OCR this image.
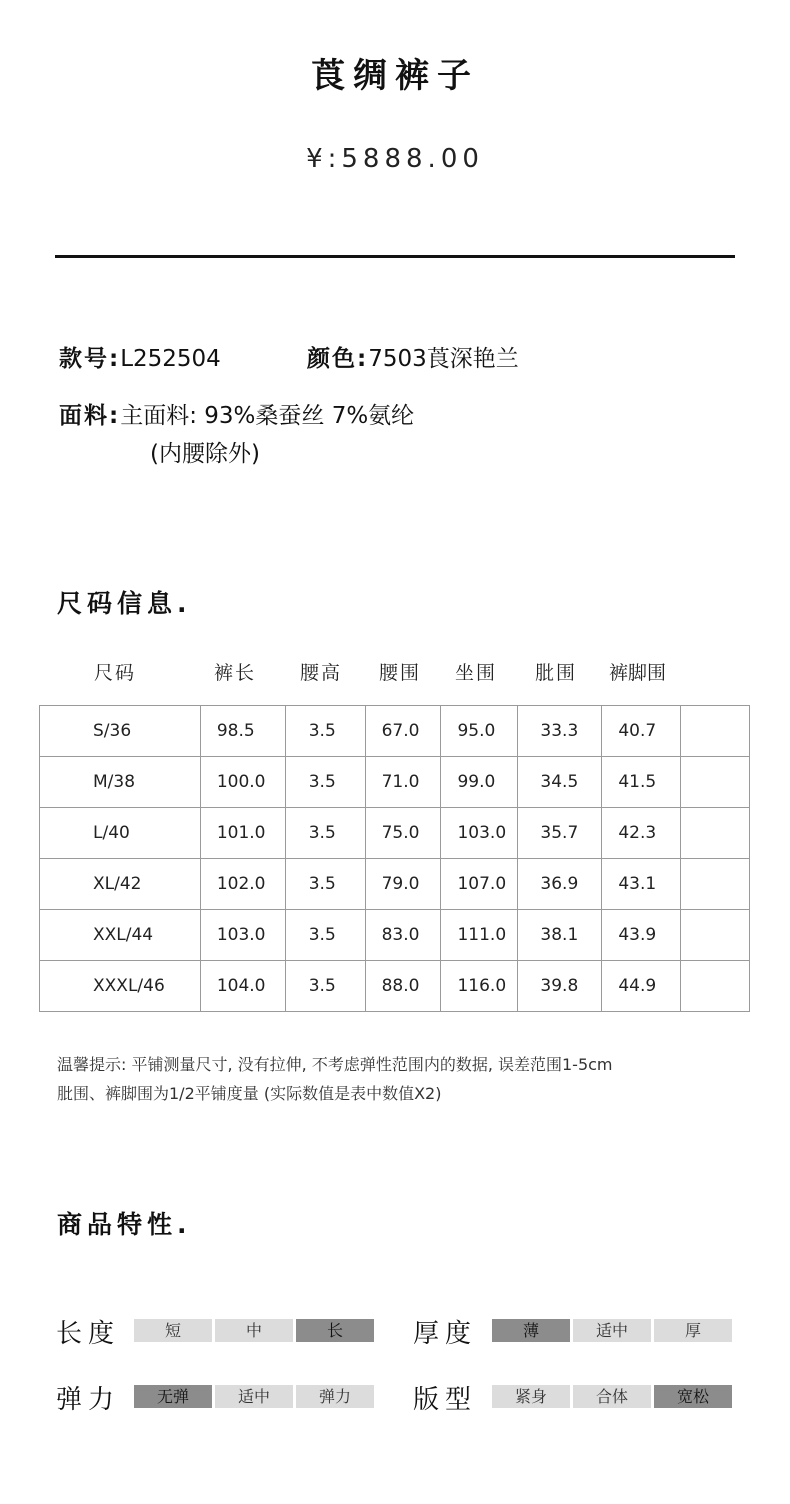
莨绸裤子
¥:5888.00
款号:L252504	颜色:7503莨深艳兰
面料:主面料: 93%桑蚕丝 7%氨纶
(内腰除外)
尺码信息.
尺码	裤长 腰高 腰围 坐围 肶围 裤脚围
S/36	98.5	3.5	67.0	95.0	33.3	40.7	
M/38	100.0	3.5	71.0	99.0	34.5	41.5	
L/40	101.0	3.5	75.0	103.0	35.7	42.3	
XL/42	102.0	3.5	79.0	107.0	36.9	43.1	
XXL/44	103.0	3.5	83.0	111.0	38.1	43.9	
XXXL/46	104.0	3.5	88.0	116.0	39.8	44.9	
温馨提示: 平铺测量尺寸, 没有拉伸, 不考虑弹性范围内的数据, 误差范围1-5cm
肶围、裤脚围为1/2平铺度量 (实际数值是表中数值X2)
商品特性.
长度	短	中	长	厚度	薄	适中	厚
弹力	无弹	适中	弹力	版型	紧身	合体	宽松
